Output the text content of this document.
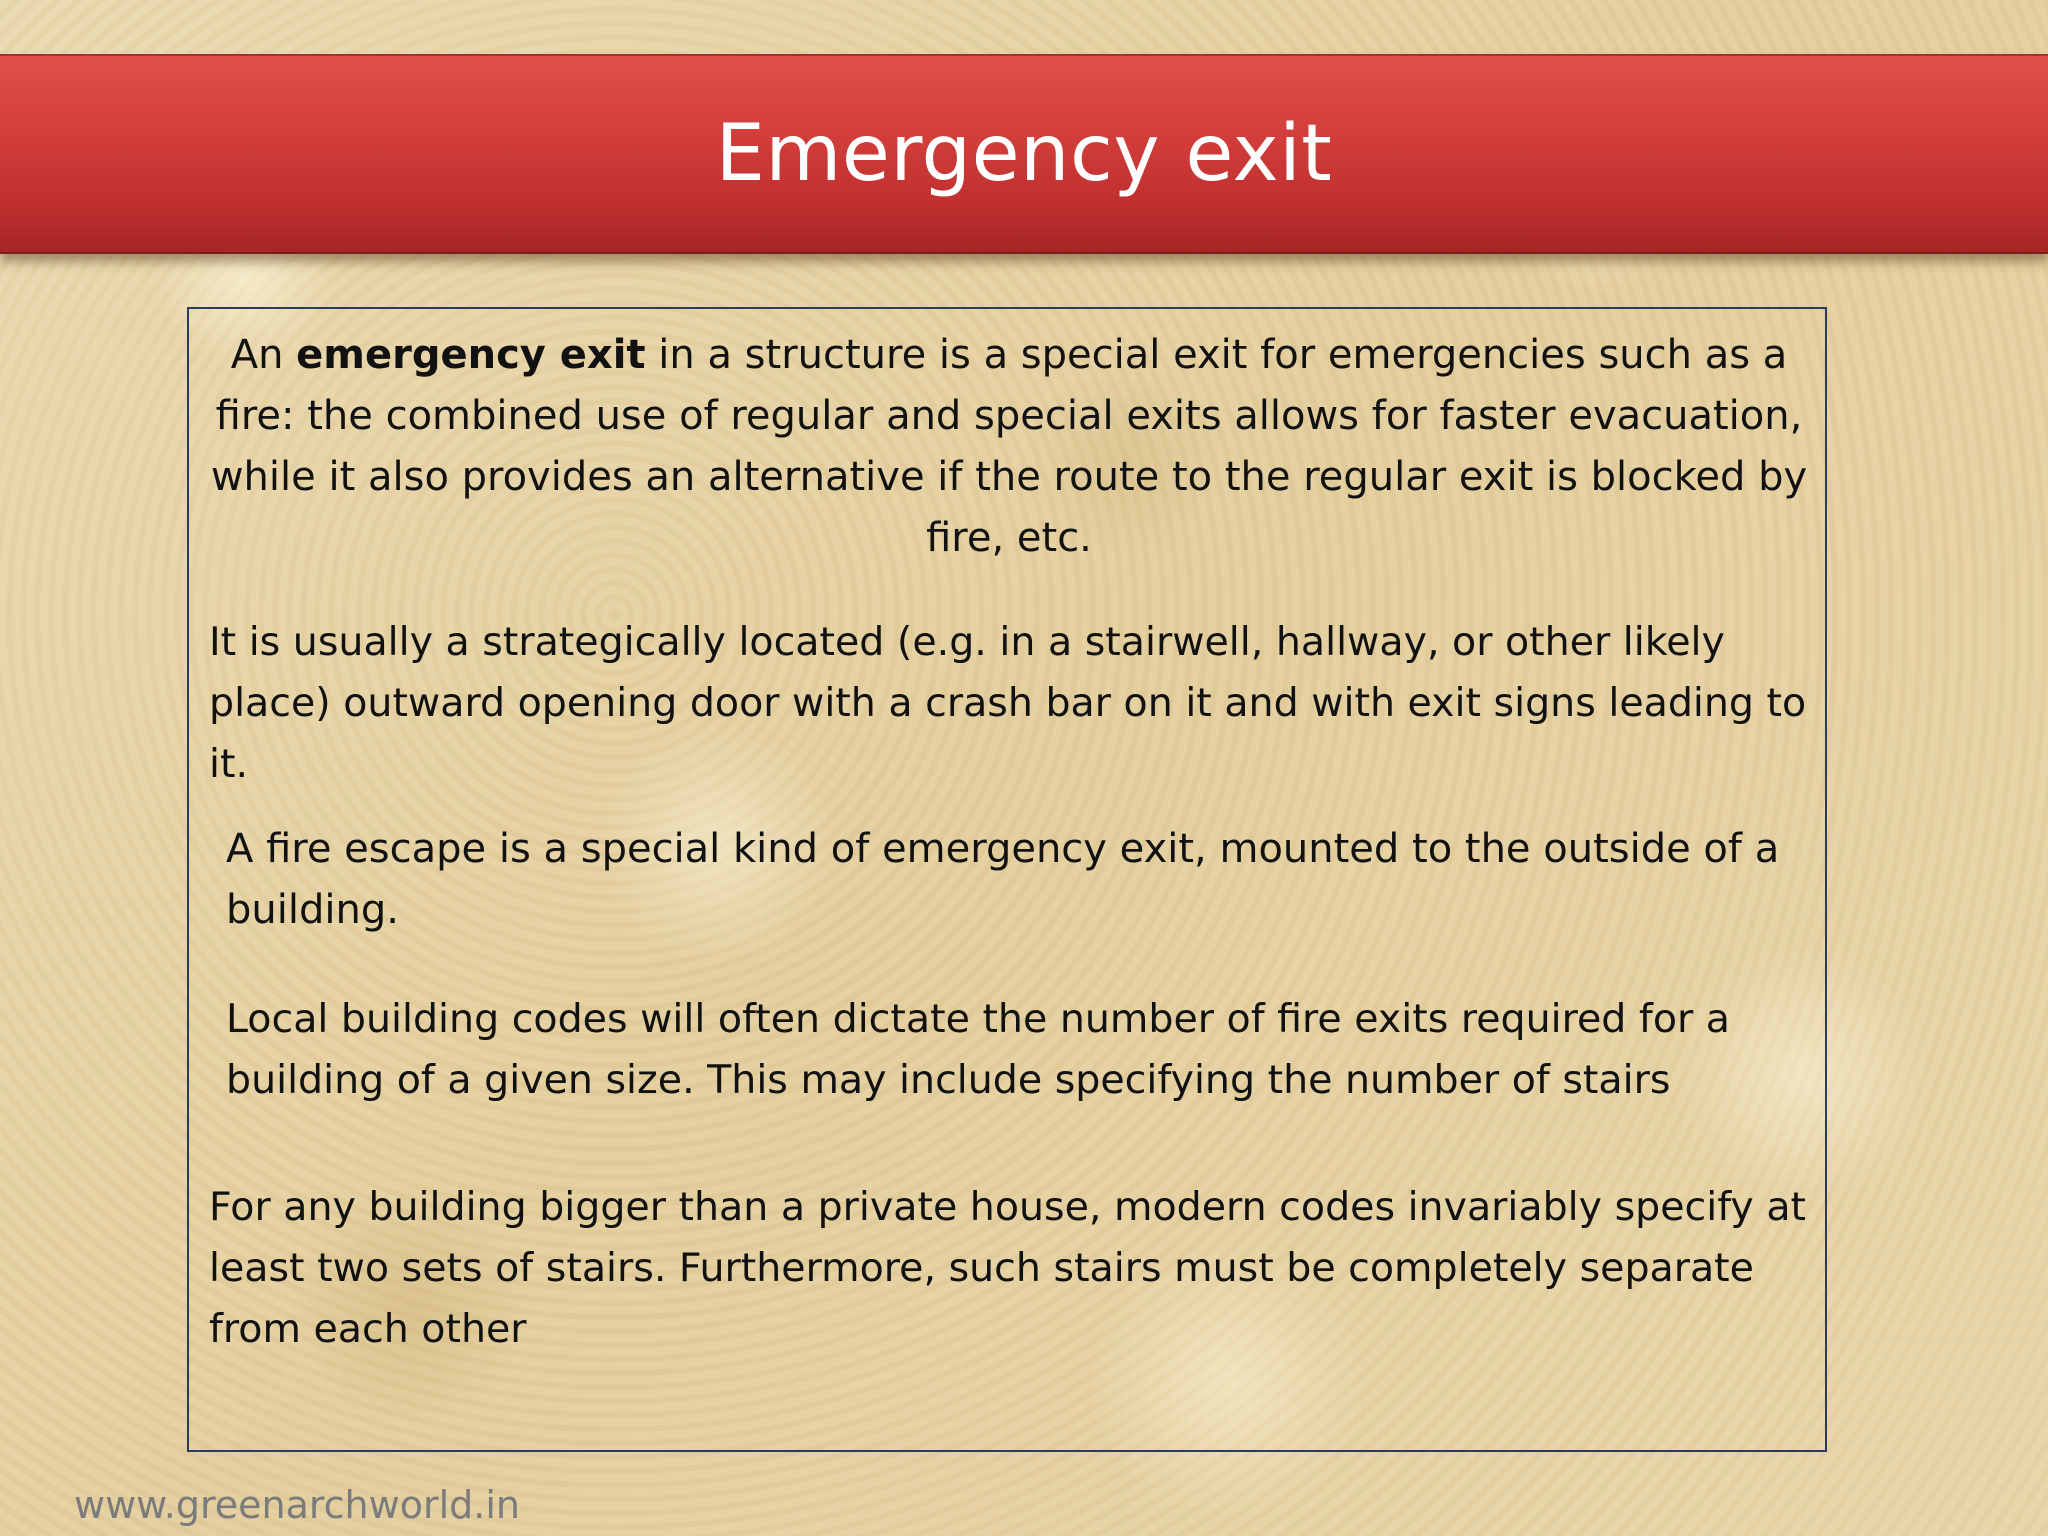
Emergency exit

An emergency exit in a structure is a special exit for emergencies such as a fire: the combined use of regular and special exits allows for faster evacuation, while it also provides an alternative if the route to the regular exit is blocked by fire, etc.

It is usually a strategically located (e.g. in a stairwell, hallway, or other likely place) outward opening door with a crash bar on it and with exit signs leading to it.

A fire escape is a special kind of emergency exit, mounted to the outside of a building.

Local building codes will often dictate the number of fire exits required for a building of a given size. This may include specifying the number of stairs

For any building bigger than a private house, modern codes invariably specify at least two sets of stairs. Furthermore, such stairs must be completely separate from each other

www.greenarchworld.in
